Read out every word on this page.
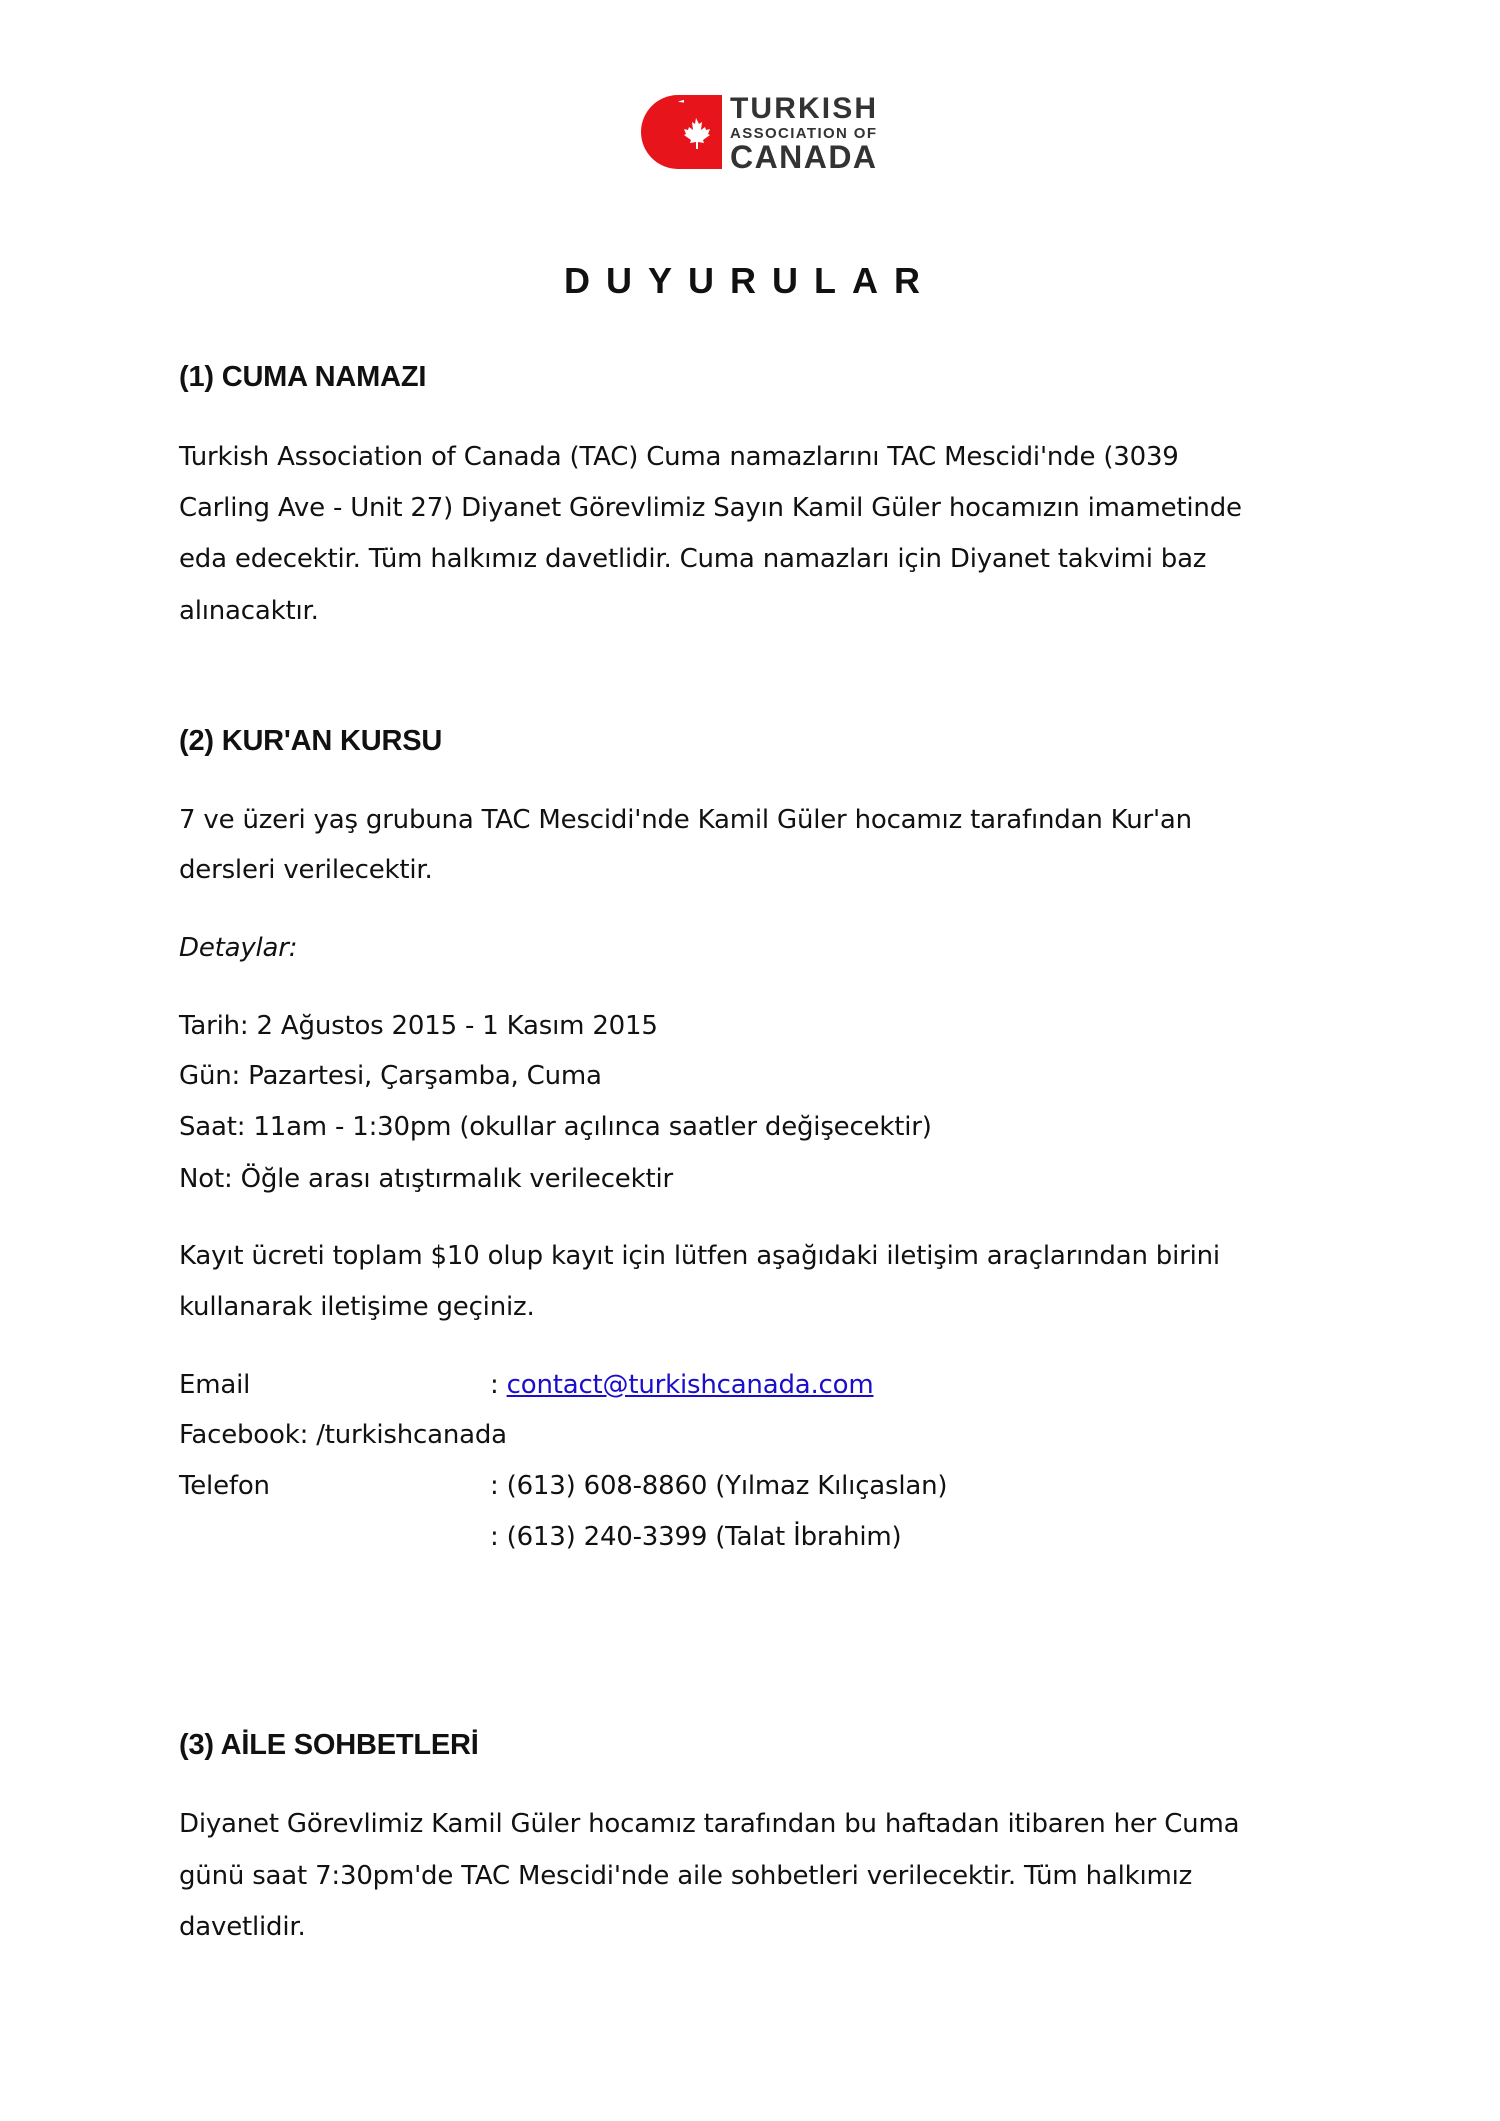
TURKISH
ASSOCIATION OF
CANADA
DUYURULAR
(1) CUMA NAMAZI
Turkish Association of Canada (TAC) Cuma namazlarını TAC Mescidi'nde (3039
Carling Ave - Unit 27) Diyanet Görevlimiz Sayın Kamil Güler hocamızın imametinde
eda edecektir. Tüm halkımız davetlidir. Cuma namazları için Diyanet takvimi baz
alınacaktır.
(2) KUR'AN KURSU
7 ve üzeri yaş grubuna TAC Mescidi'nde Kamil Güler hocamız tarafından Kur'an
dersleri verilecektir.
Detaylar:
Tarih: 2 Ağustos 2015 - 1 Kasım 2015
Gün: Pazartesi, Çarşamba, Cuma
Saat: 11am - 1:30pm (okullar açılınca saatler değişecektir)
Not: Öğle arası atıştırmalık verilecektir
Kayıt ücreti toplam $10 olup kayıt için lütfen aşağıdaki iletişim araçlarından birini
kullanarak iletişime geçiniz.
Email	: contact@turkishcanada.com
Facebook: /turkishcanada
Telefon	: (613) 608-8860 (Yılmaz Kılıçaslan)
: (613) 240-3399 (Talat İbrahim)
(3) AİLE SOHBETLERİ
Diyanet Görevlimiz Kamil Güler hocamız tarafından bu haftadan itibaren her Cuma
günü saat 7:30pm'de TAC Mescidi'nde aile sohbetleri verilecektir. Tüm halkımız
davetlidir.
